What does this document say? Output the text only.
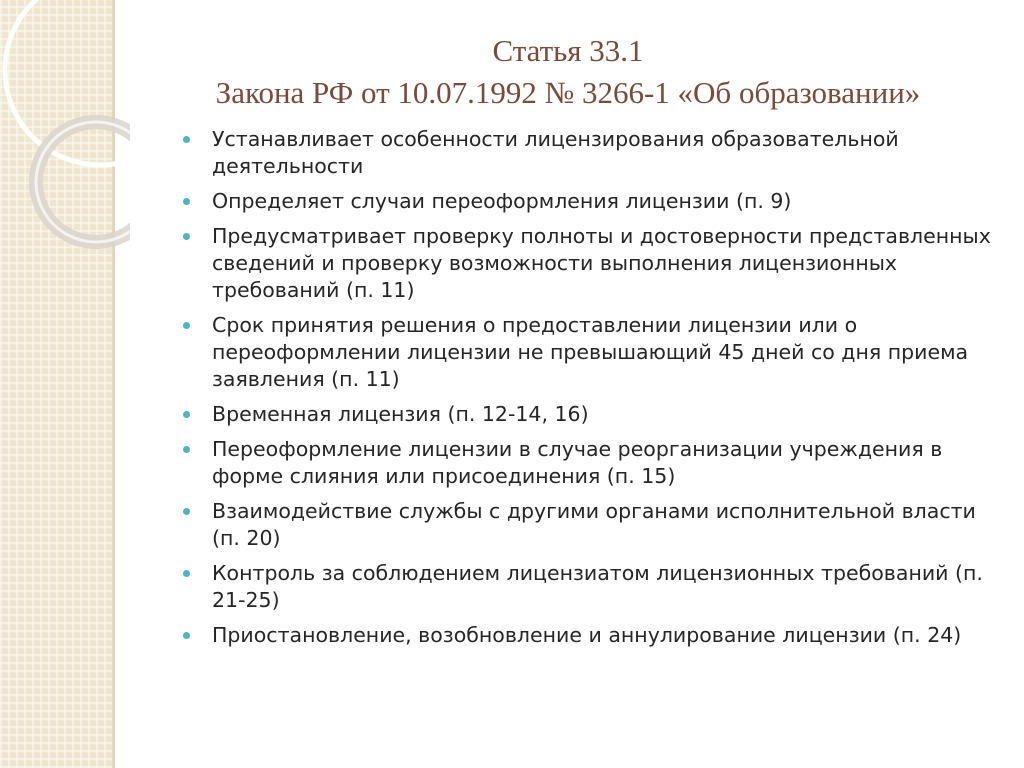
Статья 33.1
Закона РФ от 10.07.1992 № 3266-1 «Об образовании»
Устанавливает особенности лицензирования образовательной деятельности
Определяет случаи переоформления лицензии (п. 9)
Предусматривает проверку полноты и достоверности представленных сведений и проверку возможности выполнения лицензионных требований (п. 11)
Срок принятия решения о предоставлении лицензии или о переоформлении лицензии не превышающий 45 дней со дня приема заявления (п. 11)
Временная лицензия (п. 12-14, 16)
Переоформление лицензии в случае реорганизации учреждения в форме слияния или присоединения (п. 15)
Взаимодействие службы с другими органами исполнительной власти (п. 20)
Контроль за соблюдением лицензиатом лицензионных требований (п. 21-25)
Приостановление, возобновление и аннулирование лицензии (п. 24)
